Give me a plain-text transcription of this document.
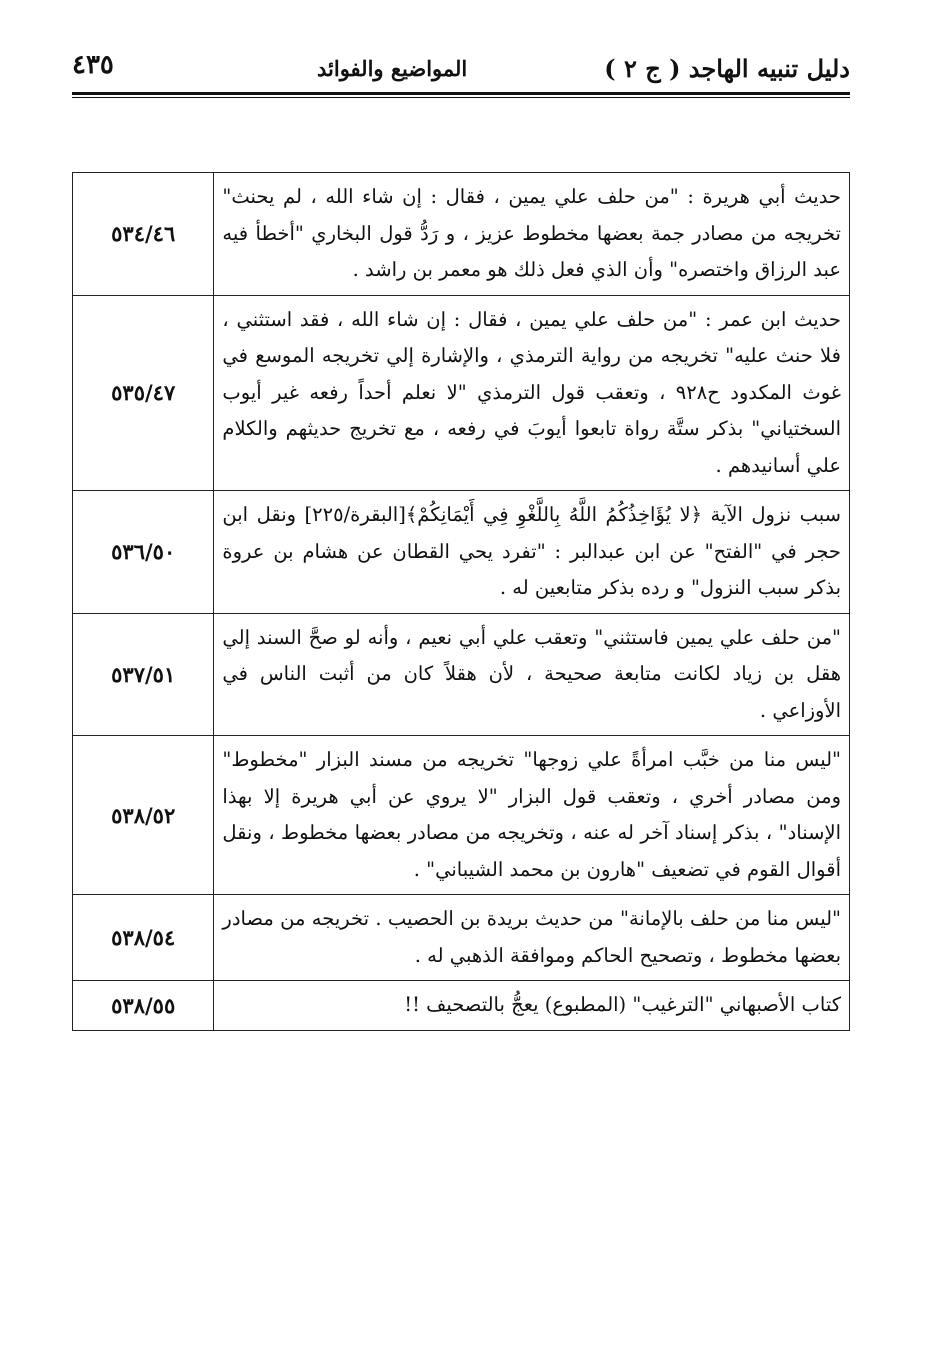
دليل تنبيه الهاجد ( ج ٢ )
المواضيع والفوائد
٤٣٥
حديث أبي هريرة : "من حلف علي يمين ، فقال : إن شاء الله ، لم يحنث" تخريجه من مصادر جمة بعضها مخطوط عزيز ، و رَدُّ قول البخاري "أخطأ فيه عبد الرزاق واختصره" وأن الذي فعل ذلك هو معمر بن راشد .	٥٣٤/٤٦
حديث ابن عمر : "من حلف علي يمين ، فقال : إن شاء الله ، فقد استثني ، فلا حنث عليه" تخريجه من رواية الترمذي ، والإشارة إلي تخريجه الموسع في غوث المكدود ح٩٢٨ ، وتعقب قول الترمذي "لا نعلم أحداً رفعه غير أيوب السختياني" بذكر ستَّة رواة تابعوا أيوبَ في رفعه ، مع تخريج حديثهم والكلام علي أسانيدهم .	٥٣٥/٤٧
سبب نزول الآية ﴿لا يُؤَاخِذُكُمُ اللَّهُ بِاللَّغْوِ فِي أَيْمَانِكُمْ﴾[البقرة/٢٢٥] ونقل ابن حجر في "الفتح" عن ابن عبدالبر : "تفرد يحي القطان عن هشام بن عروة بذكر سبب النزول" و رده بذكر متابعين له .	٥٣٦/٥٠
"من حلف علي يمين فاستثني" وتعقب علي أبي نعيم ، وأنه لو صحَّ السند إلي هقل بن زياد لكانت متابعة صحيحة ، لأن هقلاً كان من أثبت الناس في الأوزاعي .	٥٣٧/٥١
"ليس منا من خبَّب امرأةً علي زوجها" تخريجه من مسند البزار "مخطوط" ومن مصادر أخري ، وتعقب قول البزار "لا يروي عن أبي هريرة إلا بهذا الإسناد" ، بذكر إسناد آخر له عنه ، وتخريجه من مصادر بعضها مخطوط ، ونقل أقوال القوم في تضعيف "هارون بن محمد الشيباني" .	٥٣٨/٥٢
"ليس منا من حلف بالإمانة" من حديث بريدة بن الحصيب . تخريجه من مصادر بعضها مخطوط ، وتصحيح الحاكم وموافقة الذهبي له .	٥٣٨/٥٤
كتاب الأصبهاني "الترغيب" (المطبوع) يعجُّ بالتصحيف !!	٥٣٨/٥٥
